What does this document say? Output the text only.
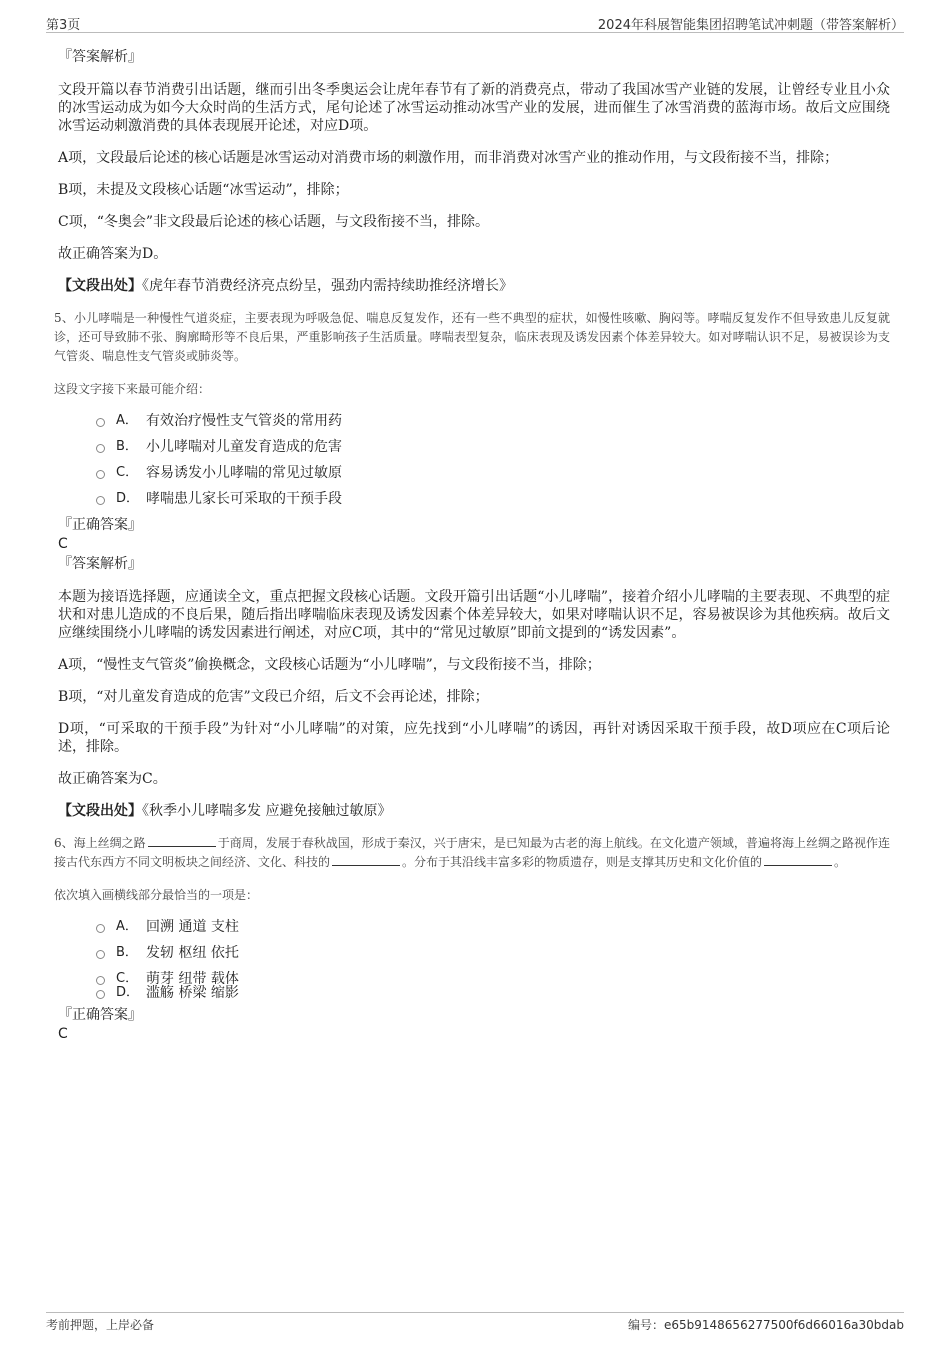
第3页	2024年科展智能集团招聘笔试冲刺题（带答案解析）
『答案解析』

文段开篇以春节消费引出话题，继而引出冬季奥运会让虎年春节有了新的消费亮点，带动了我国冰雪产业链的发展，让曾经专业且小众的冰雪运动成为如今大众时尚的生活方式，尾句论述了冰雪运动推动冰雪产业的发展，进而催生了冰雪消费的蓝海市场。故后文应围绕冰雪运动刺激消费的具体表现展开论述，对应D项。

A项，文段最后论述的核心话题是冰雪运动对消费市场的刺激作用，而非消费对冰雪产业的推动作用，与文段衔接不当，排除；

B项，未提及文段核心话题“冰雪运动”，排除；

C项，“冬奥会”非文段最后论述的核心话题，与文段衔接不当，排除。

故正确答案为D。

【文段出处】《虎年春节消费经济亮点纷呈，强劲内需持续助推经济增长》

5、小儿哮喘是一种慢性气道炎症，主要表现为呼吸急促、喘息反复发作，还有一些不典型的症状，如慢性咳嗽、胸闷等。哮喘反复发作不但导致患儿反复就诊，还可导致肺不张、胸廓畸形等不良后果，严重影响孩子生活质量。哮喘表型复杂，临床表现及诱发因素个体差异较大。如对哮喘认识不足，易被误诊为支气管炎、喘息性支气管炎或肺炎等。

这段文字接下来最可能介绍：
A． 有效治疗慢性支气管炎的常用药
B． 小儿哮喘对儿童发育造成的危害
C． 容易诱发小儿哮喘的常见过敏原
D． 哮喘患儿家长可采取的干预手段
『正确答案』
C
『答案解析』

本题为接语选择题，应通读全文，重点把握文段核心话题。文段开篇引出话题“小儿哮喘”，接着介绍小儿哮喘的主要表现、不典型的症状和对患儿造成的不良后果，随后指出哮喘临床表现及诱发因素个体差异较大，如果对哮喘认识不足，容易被误诊为其他疾病。故后文应继续围绕小儿哮喘的诱发因素进行阐述，对应C项，其中的“常见过敏原”即前文提到的“诱发因素”。

A项，“慢性支气管炎”偷换概念，文段核心话题为“小儿哮喘”，与文段衔接不当，排除；

B项，“对儿童发育造成的危害”文段已介绍，后文不会再论述，排除；

D项，“可采取的干预手段”为针对“小儿哮喘”的对策，应先找到“小儿哮喘”的诱因，再针对诱因采取干预手段，故D项应在C项后论述，排除。

故正确答案为C。

【文段出处】《秋季小儿哮喘多发 应避免接触过敏原》

6、海上丝绸之路	于商周，发展于春秋战国，形成于秦汉，兴于唐宋，是已知最为古老的海上航线。在文化遗产领域，普遍将海上丝绸之路视作连接古代东西方不同文明板块之间经济、文化、科技的	。分布于其沿线丰富多彩的物质遗存，则是支撑其历史和文化价值的	。

依次填入画横线部分最恰当的一项是：
A． 回溯 通道 支柱
B． 发轫 枢纽 依托
C． 萌芽 纽带 载体
D． 滥觞 桥梁 缩影
『正确答案』
C
考前押题，上岸必备	编号：e65b9148656277500f6d66016a30bdab
